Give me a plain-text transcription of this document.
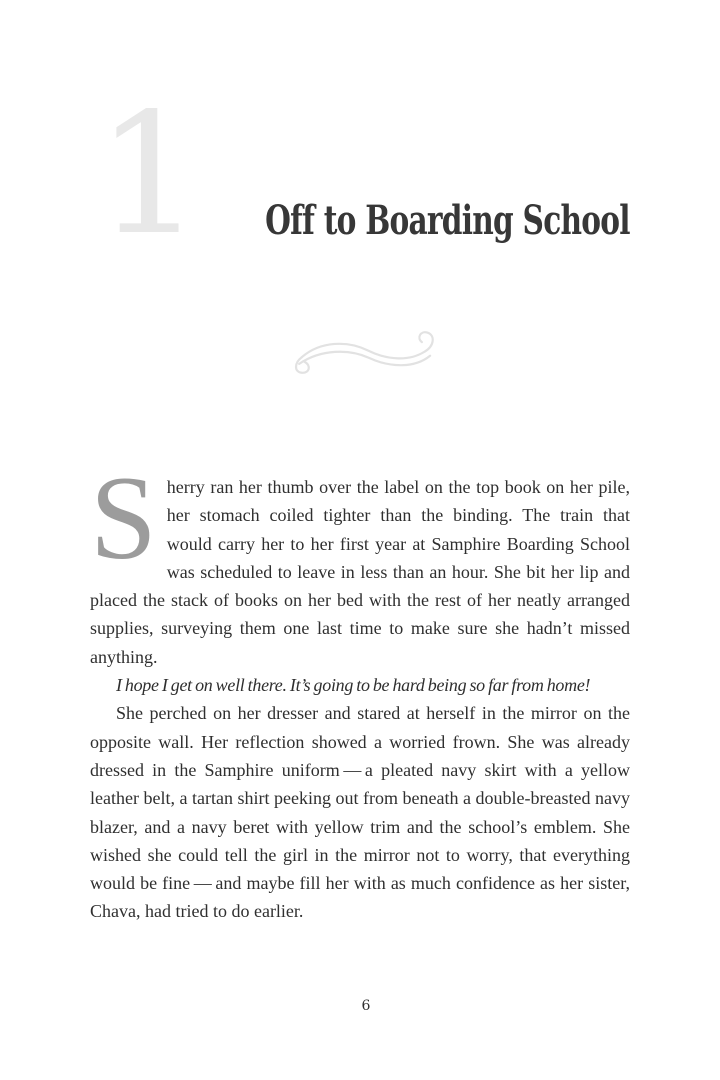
1 Off to Boarding School

Sherry ran her thumb over the label on the top book on her pile, her stomach coiled tighter than the binding. The train that would carry her to her first year at Samphire Boarding School was scheduled to leave in less than an hour. She bit her lip and placed the stack of books on her bed with the rest of her neatly arranged supplies, surveying them one last time to make sure she hadn’t missed anything.

I hope I get on well there. It’s going to be hard being so far from home!

She perched on her dresser and stared at herself in the mirror on the opposite wall. Her reflection showed a worried frown. She was already dressed in the Samphire uniform — a pleated navy skirt with a yellow leather belt, a tartan shirt peeking out from beneath a double-breasted navy blazer, and a navy beret with yellow trim and the school’s emblem. She wished she could tell the girl in the mirror not to worry, that everything would be fine — and maybe fill her with as much confidence as her sister, Chava, had tried to do earlier.

6
